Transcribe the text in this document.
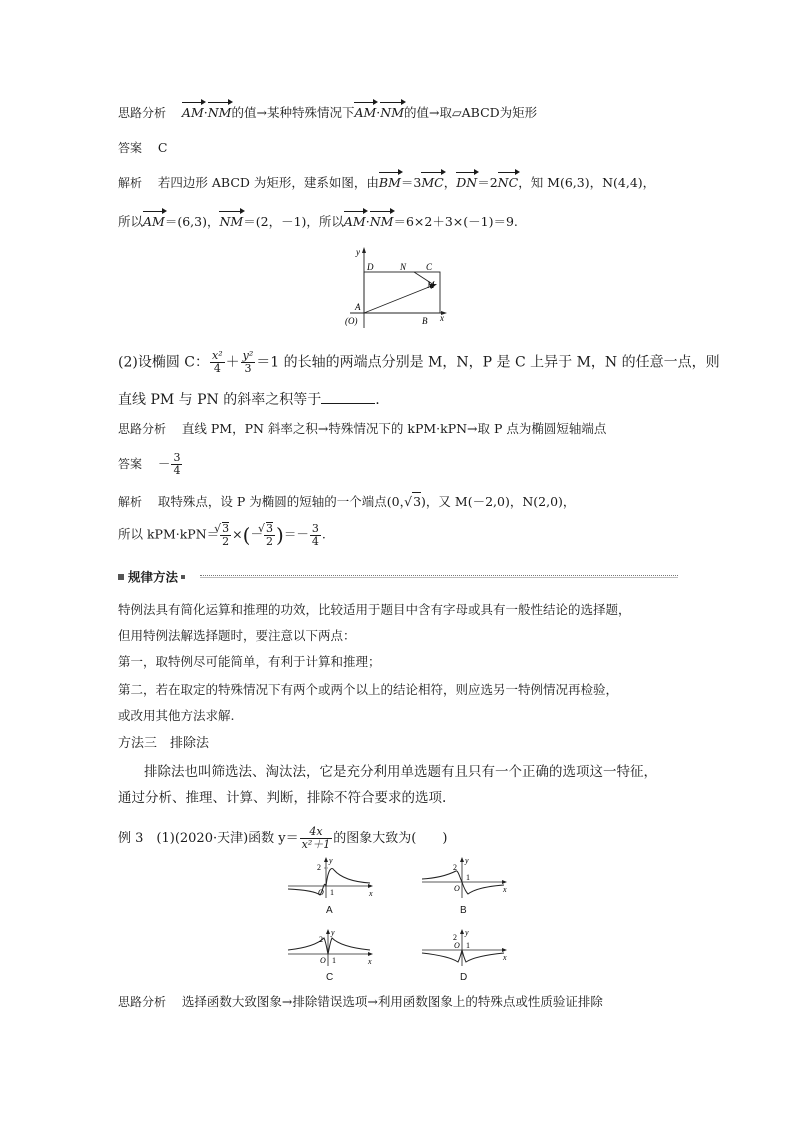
思路分析 AM·NM的值→某种特殊情况下AM·NM的值→取▱ABCD为矩形
答案 C
解析 若四边形 ABCD 为矩形，建系如图，由BM＝3MC，DN＝2NC，知 M(6,3)，N(4,4)，
所以AM＝(6,3)，NM＝(2，－1)，所以AM·NM＝6×2＋3×(－1)＝9.
y
D	N C
M
A
(O)	B x
(2)设椭圆 C： $\frac{\text{x²}}{4} + \frac{\text{y²}}{3} =1$ 的长轴的两端点分别是 M，N，P 是 C 上异于 M，N 的任意一点，则
直线 PM 与 PN 的斜率之积等于	.
思路分析 直线 PM，PN 斜率之积→特殊情况下的 kPM·kPN→取 P 点为椭圆短轴端点
答案 － $\frac{3}{4}$
解析 取特殊点，设 P 为椭圆的短轴的一个端点(0，√ 3)，又 M(－2,0)，N(2,0)，
所以 kPM·kPN＝ √ $\frac{3}{2}$ ×(－ √ $\frac{3}{2}$ )＝－ $\frac{3}{4}$ .
规律方法
特例法具有简化运算和推理的功效，比较适用于题目中含有字母或具有一般性结论的选择题，
但用特例法解选择题时，要注意以下两点：
第一，取特例尽可能简单，有利于计算和推理；
第二，若在取定的特殊情况下有两个或两个以上的结论相符，则应选另一特例情况再检验，
或改用其他方法求解.
方法三　排除法
排除法也叫筛选法、淘汰法，它是充分利用单选题有且只有一个正确的选项这一特征，
通过分析、推理、计算、判断，排除不符合要求的选项.
例 3　(1)(2020·天津)函数 $y= \frac{4x}{\text{x²＋1}}$ 的图象大致为(　　)
2
O 1	x
y
A
2
O
1
x
y
B
2
O 1	x
y
C
2
O 1
x
y
D
思路分析 选择函数大致图象→排除错误选项→利用函数图象上的特殊点或性质验证排除
